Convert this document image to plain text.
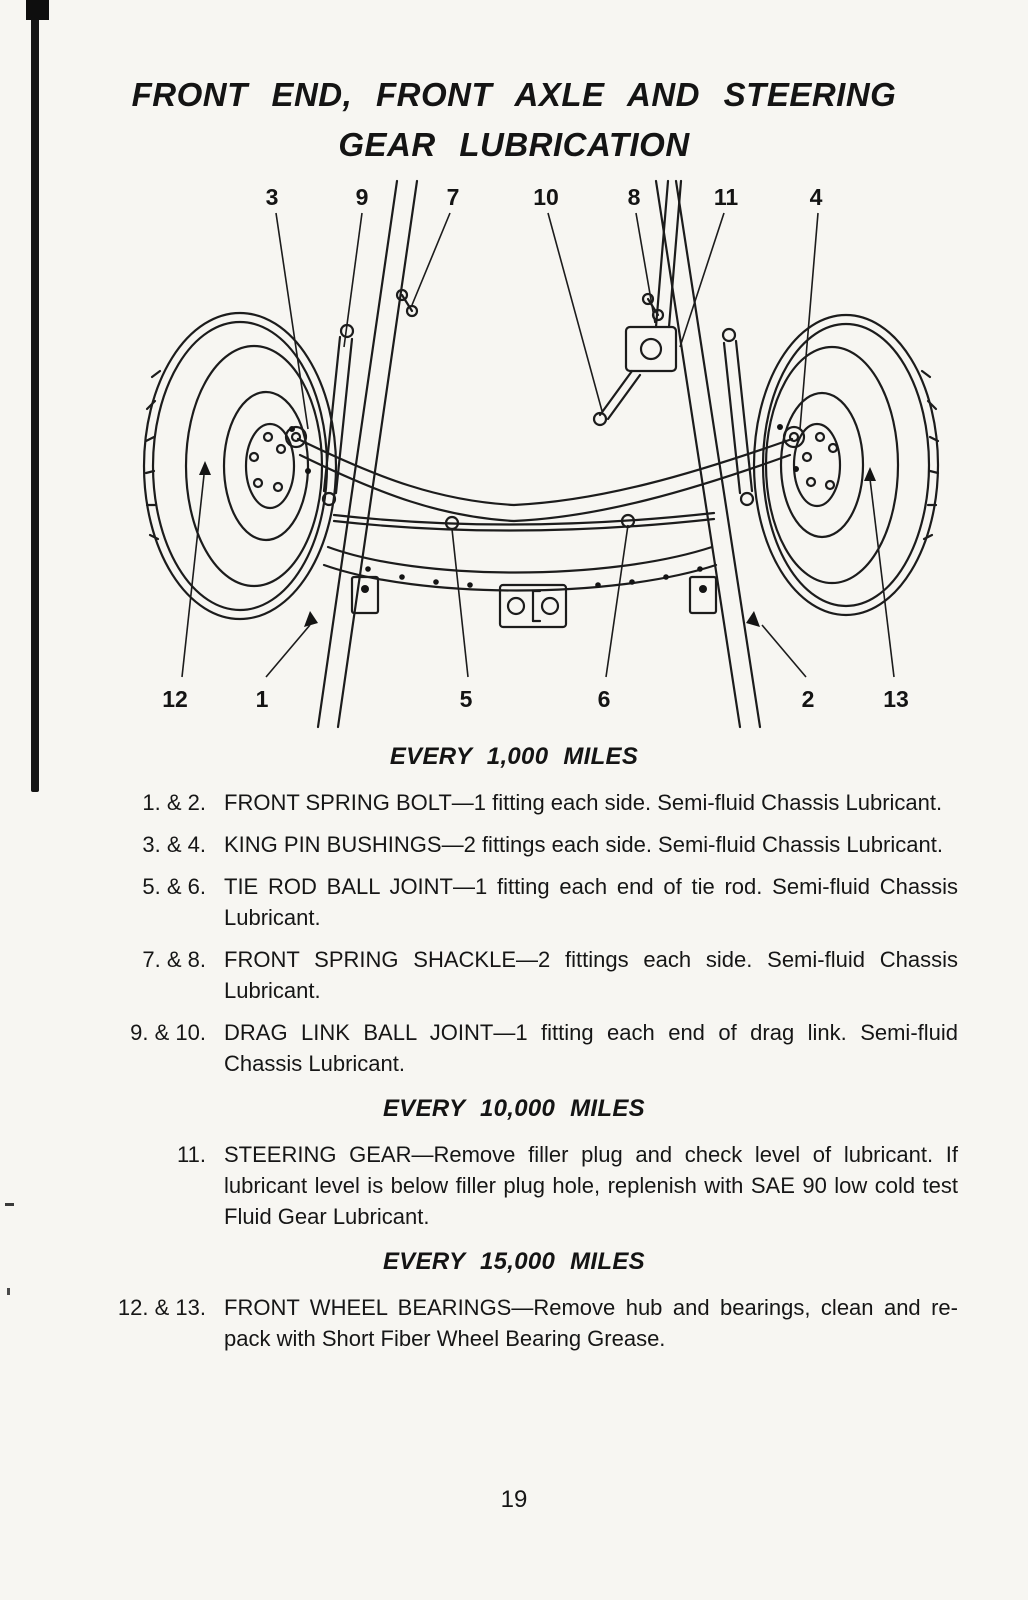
FRONT END, FRONT AXLE AND STEERING
GEAR LUBRICATION
3	9	7	10	8	11	4
12	1	5	6	2	13
EVERY 1,000 MILES
1. & 2. FRONT SPRING BOLT—1 fitting each side. Semi-fluid Chassis Lubricant.
3. & 4. KING PIN BUSHINGS—2 fittings each side. Semi-fluid Chassis Lubricant.
5. & 6. TIE ROD BALL JOINT—1 fitting each end of tie rod. Semi-fluid Chassis Lubricant.
7. & 8. FRONT SPRING SHACKLE—2 fittings each side. Semi-fluid Chassis Lubricant.
9. & 10. DRAG LINK BALL JOINT—1 fitting each end of drag link. Semi-fluid Chassis Lubricant.
EVERY 10,000 MILES
11. STEERING GEAR—Remove filler plug and check level of lubricant. If lubricant level is below filler plug hole, replenish with SAE 90 low cold test Fluid Gear Lubricant.
EVERY 15,000 MILES
12. & 13. FRONT WHEEL BEARINGS—Remove hub and bearings, clean and re-pack with Short Fiber Wheel Bearing Grease.
19
